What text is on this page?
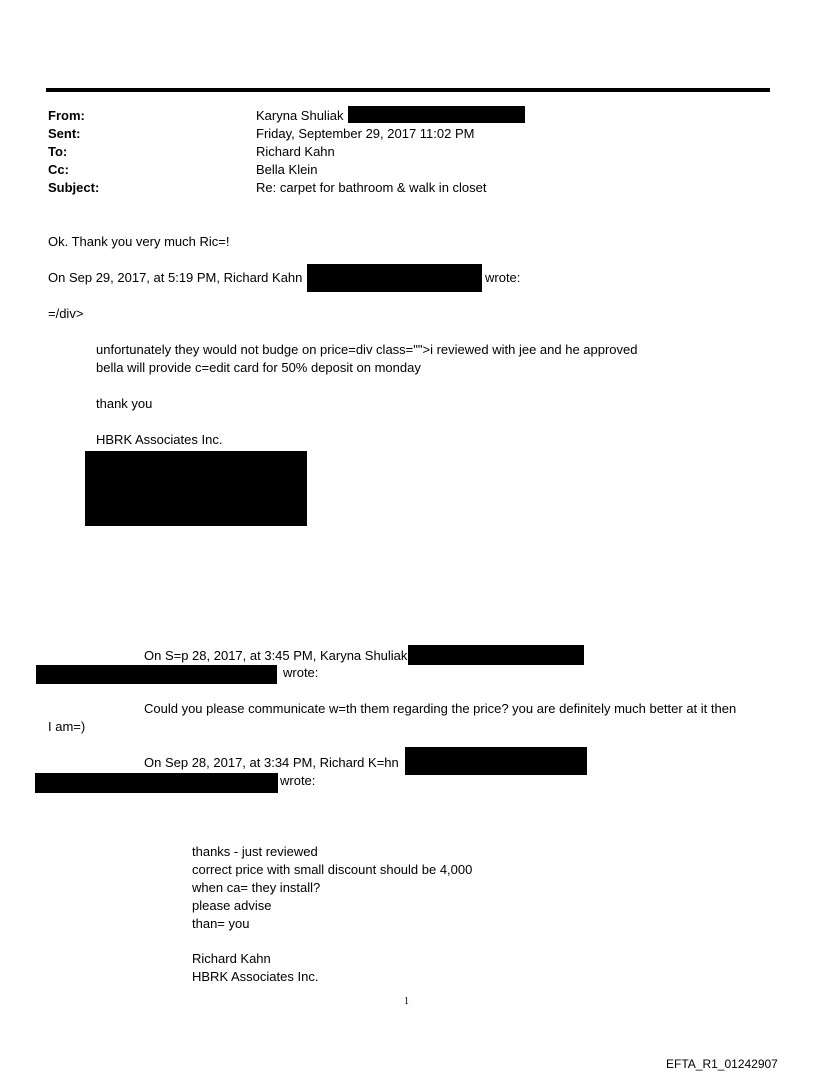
From:	Karyna Shuliak
Sent:	Friday, September 29, 2017 11:02 PM
To:	Richard Kahn
Cc:	Bella Klein
Subject:	Re: carpet for bathroom & walk in closet
Ok. Thank you very much Ric=!
On Sep 29, 2017, at 5:19 PM, Richard Kahn	wrote:
=/div>
unfortunately they would not budge on price=div class="">i reviewed with jee and he approved
bella will provide c=edit card for 50% deposit on monday
thank you
HBRK Associates Inc.
On S=p 28, 2017, at 3:45 PM, Karyna Shuliak
wrote:
Could you please communicate w=th them regarding the price? you are definitely much better at it then
I am=)
On Sep 28, 2017, at 3:34 PM, Richard K=hn
wrote:
thanks - just reviewed
correct price with small discount should be 4,000
when ca= they install?
please advise
than= you
Richard Kahn
HBRK Associates Inc.
1
EFTA_R1_01242907
